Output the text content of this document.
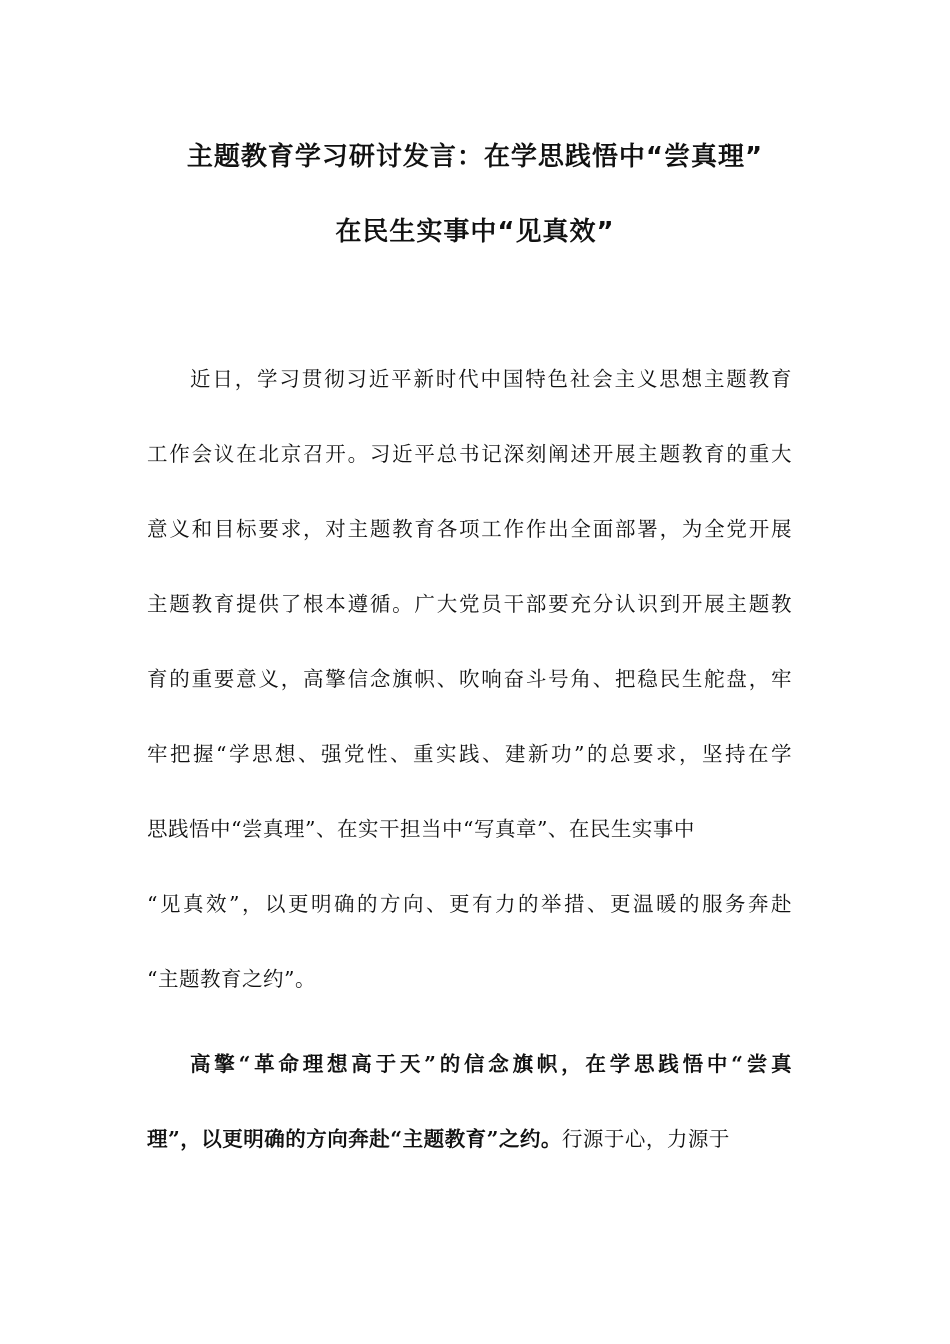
主题教育学习研讨发言：在学思践悟中“尝真理”
在民生实事中“见真效”
近日，学习贯彻习近平新时代中国特色社会主义思想主题教育
工作会议在北京召开。习近平总书记深刻阐述开展主题教育的重大
意义和目标要求，对主题教育各项工作作出全面部署，为全党开展
主题教育提供了根本遵循。广大党员干部要充分认识到开展主题教
育的重要意义，高擎信念旗帜、吹响奋斗号角、把稳民生舵盘，牢
牢把握“学思想、强党性、重实践、建新功”的总要求，坚持在学
思践悟中“尝真理”、在实干担当中“写真章”、在民生实事中
“见真效”，以更明确的方向、更有力的举措、更温暖的服务奔赴
“主题教育之约”。
高擎“革命理想高于天”的信念旗帜，在学思践悟中“尝真
理”，以更明确的方向奔赴“主题教育”之约。行源于心，力源于
